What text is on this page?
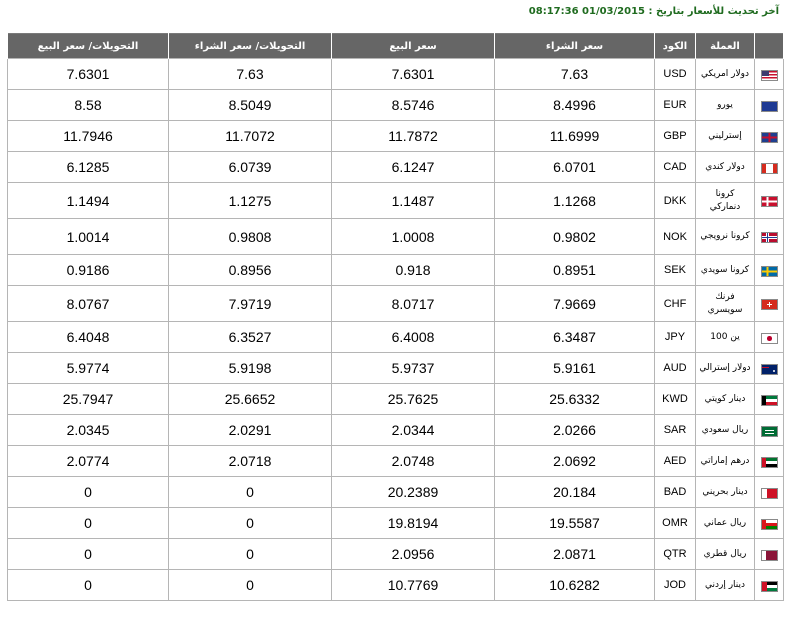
آخر تحديث للأسعار بتاريخ : 08:17:36 01/03/2015
	العملة	الكود	سعر الشراء	سعر البيع	التحويلات/ سعر الشراء	التحويلات/ سعر البيع
	دولار امريكي	USD	7.63	7.6301	7.63	7.6301
	يورو	EUR	8.4996	8.5746	8.5049	8.58
	إسترليني	GBP	11.6999	11.7872	11.7072	11.7946
	دولار كندي	CAD	6.0701	6.1247	6.0739	6.1285
	كرونا دنماركي	DKK	1.1268	1.1487	1.1275	1.1494
	كرونا نرويجي	NOK	0.9802	1.0008	0.9808	1.0014
	كرونا سويدي	SEK	0.8951	0.918	0.8956	0.9186
	فرنك سويسري	CHF	7.9669	8.0717	7.9719	8.0767
	ين 100	JPY	6.3487	6.4008	6.3527	6.4048
	دولار إسترالي	AUD	5.9161	5.9737	5.9198	5.9774
	دينار كويتي	KWD	25.6332	25.7625	25.6652	25.7947
	ريال سعودي	SAR	2.0266	2.0344	2.0291	2.0345
	درهم إماراتي	AED	2.0692	2.0748	2.0718	2.0774
	دينار بحريني	BAD	20.184	20.2389	0	0
	ريال عماني	OMR	19.5587	19.8194	0	0
	ريال قطري	QTR	2.0871	2.0956	0	0
	دينار إردني	JOD	10.6282	10.7769	0	0
